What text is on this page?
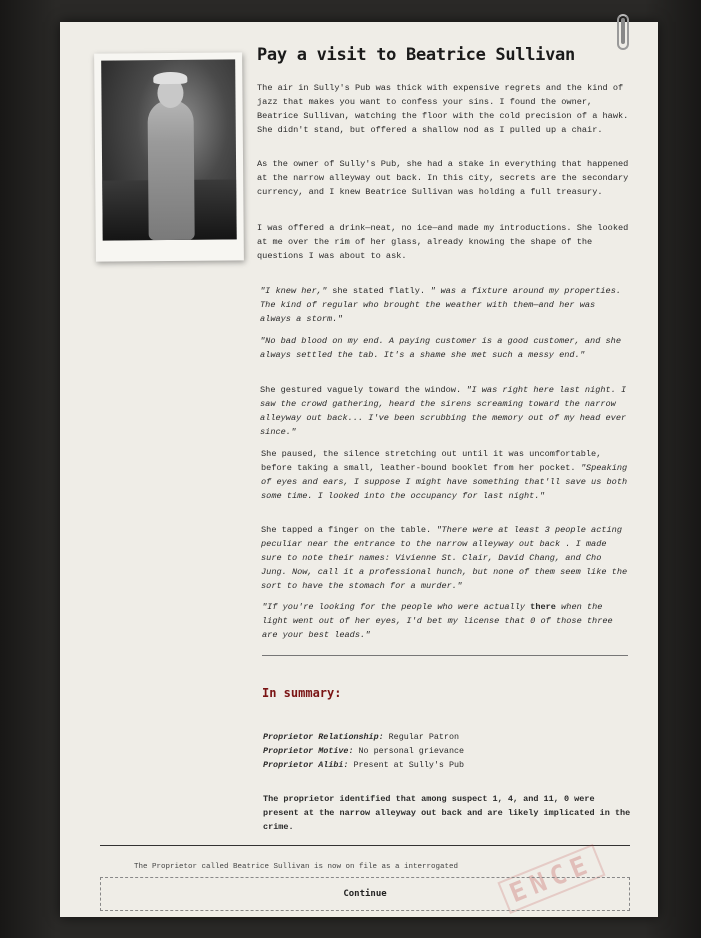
Pay a visit to Beatrice Sullivan

The air in Sully's Pub was thick with expensive regrets and the kind of jazz that makes you want to confess your sins. I found the owner, Beatrice Sullivan, watching the floor with the cold precision of a hawk. She didn't stand, but offered a shallow nod as I pulled up a chair.

As the owner of Sully's Pub, she had a stake in everything that happened at the narrow alleyway out back. In this city, secrets are the secondary currency, and I knew Beatrice Sullivan was holding a full treasury.

I was offered a drink—neat, no ice—and made my introductions. She looked at me over the rim of her glass, already knowing the shape of the questions I was about to ask.

"I knew her," she stated flatly. " was a fixture around my properties. The kind of regular who brought the weather with them—and her was always a storm."

"No bad blood on my end. A paying customer is a good customer, and she always settled the tab. It's a shame she met such a messy end."

She gestured vaguely toward the window. "I was right here last night. I saw the crowd gathering, heard the sirens screaming toward the narrow alleyway out back... I've been scrubbing the memory out of my head ever since."

She paused, the silence stretching out until it was uncomfortable, before taking a small, leather-bound booklet from her pocket. "Speaking of eyes and ears, I suppose I might have something that'll save us both some time. I looked into the occupancy for last night."

She tapped a finger on the table. "There were at least 3 people acting peculiar near the entrance to the narrow alleyway out back . I made sure to note their names: Vivienne St. Clair, David Chang, and Cho Jung. Now, call it a professional hunch, but none of them seem like the sort to have the stomach for a murder."

"If you're looking for the people who were actually there when the light went out of her eyes, I'd bet my license that 0 of those three are your best leads."

In summary:
Proprietor Relationship: Regular Patron
Proprietor Motive: No personal grievance
Proprietor Alibi: Present at Sully's Pub
The proprietor identified that among suspect 1, 4, and 11, 0 were present at the narrow alleyway out back and are likely implicated in the crime.
The Proprietor called Beatrice Sullivan is now on file as a interrogated	ENCE
Continue
